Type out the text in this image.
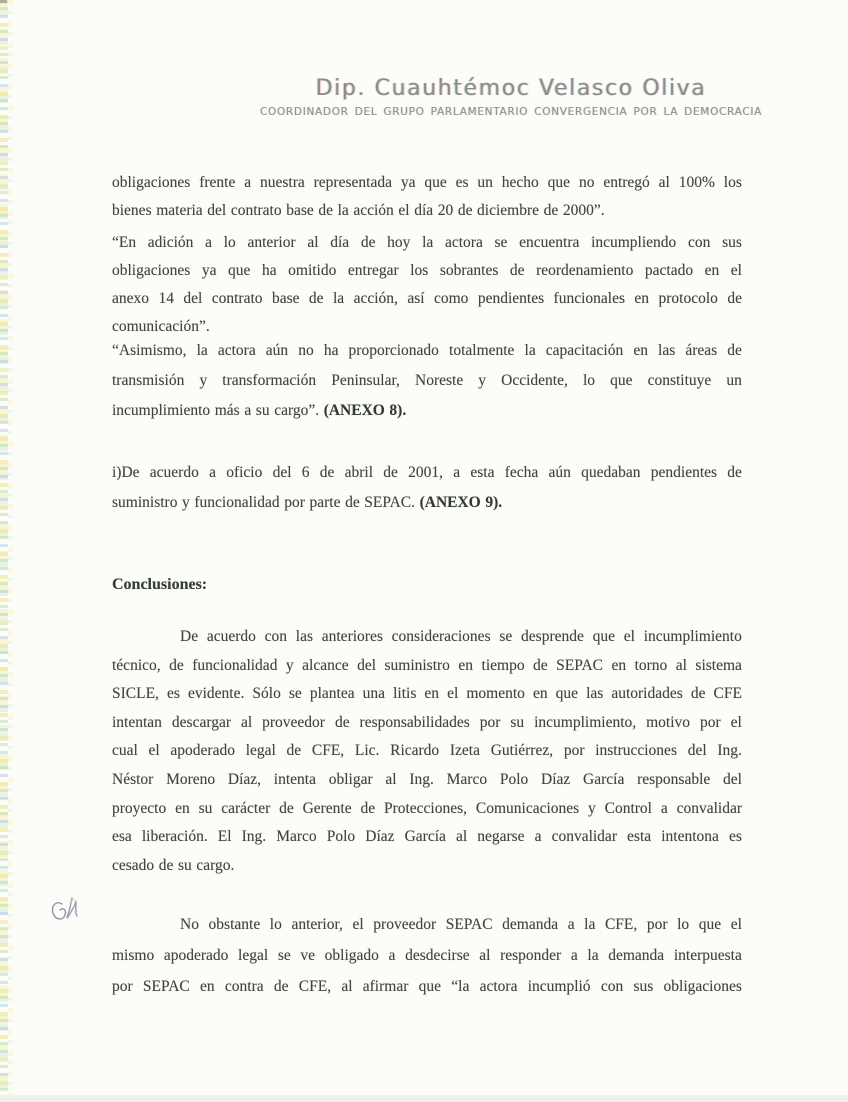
Dip. Cuauhtémoc Velasco Oliva
COORDINADOR DEL GRUPO PARLAMENTARIO CONVERGENCIA POR LA DEMOCRACIA
obligaciones frente a nuestra representada ya que es un hecho que no entregó al 100% los
bienes materia del contrato base de la acción el día 20 de diciembre de 2000”.
“En adición a lo anterior al día de hoy la actora se encuentra incumpliendo con sus
obligaciones ya que ha omitido entregar los sobrantes de reordenamiento pactado en el
anexo 14 del contrato base de la acción, así como pendientes funcionales en protocolo de
comunicación”.
“Asimismo, la actora aún no ha proporcionado totalmente la capacitación en las áreas de
transmisión y transformación Peninsular, Noreste y Occidente, lo que constituye un
incumplimiento más a su cargo”. (ANEXO 8).
i)De acuerdo a oficio del 6 de abril de 2001, a esta fecha aún quedaban pendientes de
suministro y funcionalidad por parte de SEPAC. (ANEXO 9).
Conclusiones:
De acuerdo con las anteriores consideraciones se desprende que el incumplimiento
técnico, de funcionalidad y alcance del suministro en tiempo de SEPAC en torno al sistema
SICLE, es evidente. Sólo se plantea una litis en el momento en que las autoridades de CFE
intentan descargar al proveedor de responsabilidades por su incumplimiento, motivo por el
cual el apoderado legal de CFE, Lic. Ricardo Izeta Gutiérrez, por instrucciones del Ing.
Néstor Moreno Díaz, intenta obligar al Ing. Marco Polo Díaz García responsable del
proyecto en su carácter de Gerente de Protecciones, Comunicaciones y Control a convalidar
esa liberación. El Ing. Marco Polo Díaz García al negarse a convalidar esta intentona es
cesado de su cargo.
No obstante lo anterior, el proveedor SEPAC demanda a la CFE, por lo que el
mismo apoderado legal se ve obligado a desdecirse al responder a la demanda interpuesta
por SEPAC en contra de CFE, al afirmar que “la actora incumplió con sus obligaciones
